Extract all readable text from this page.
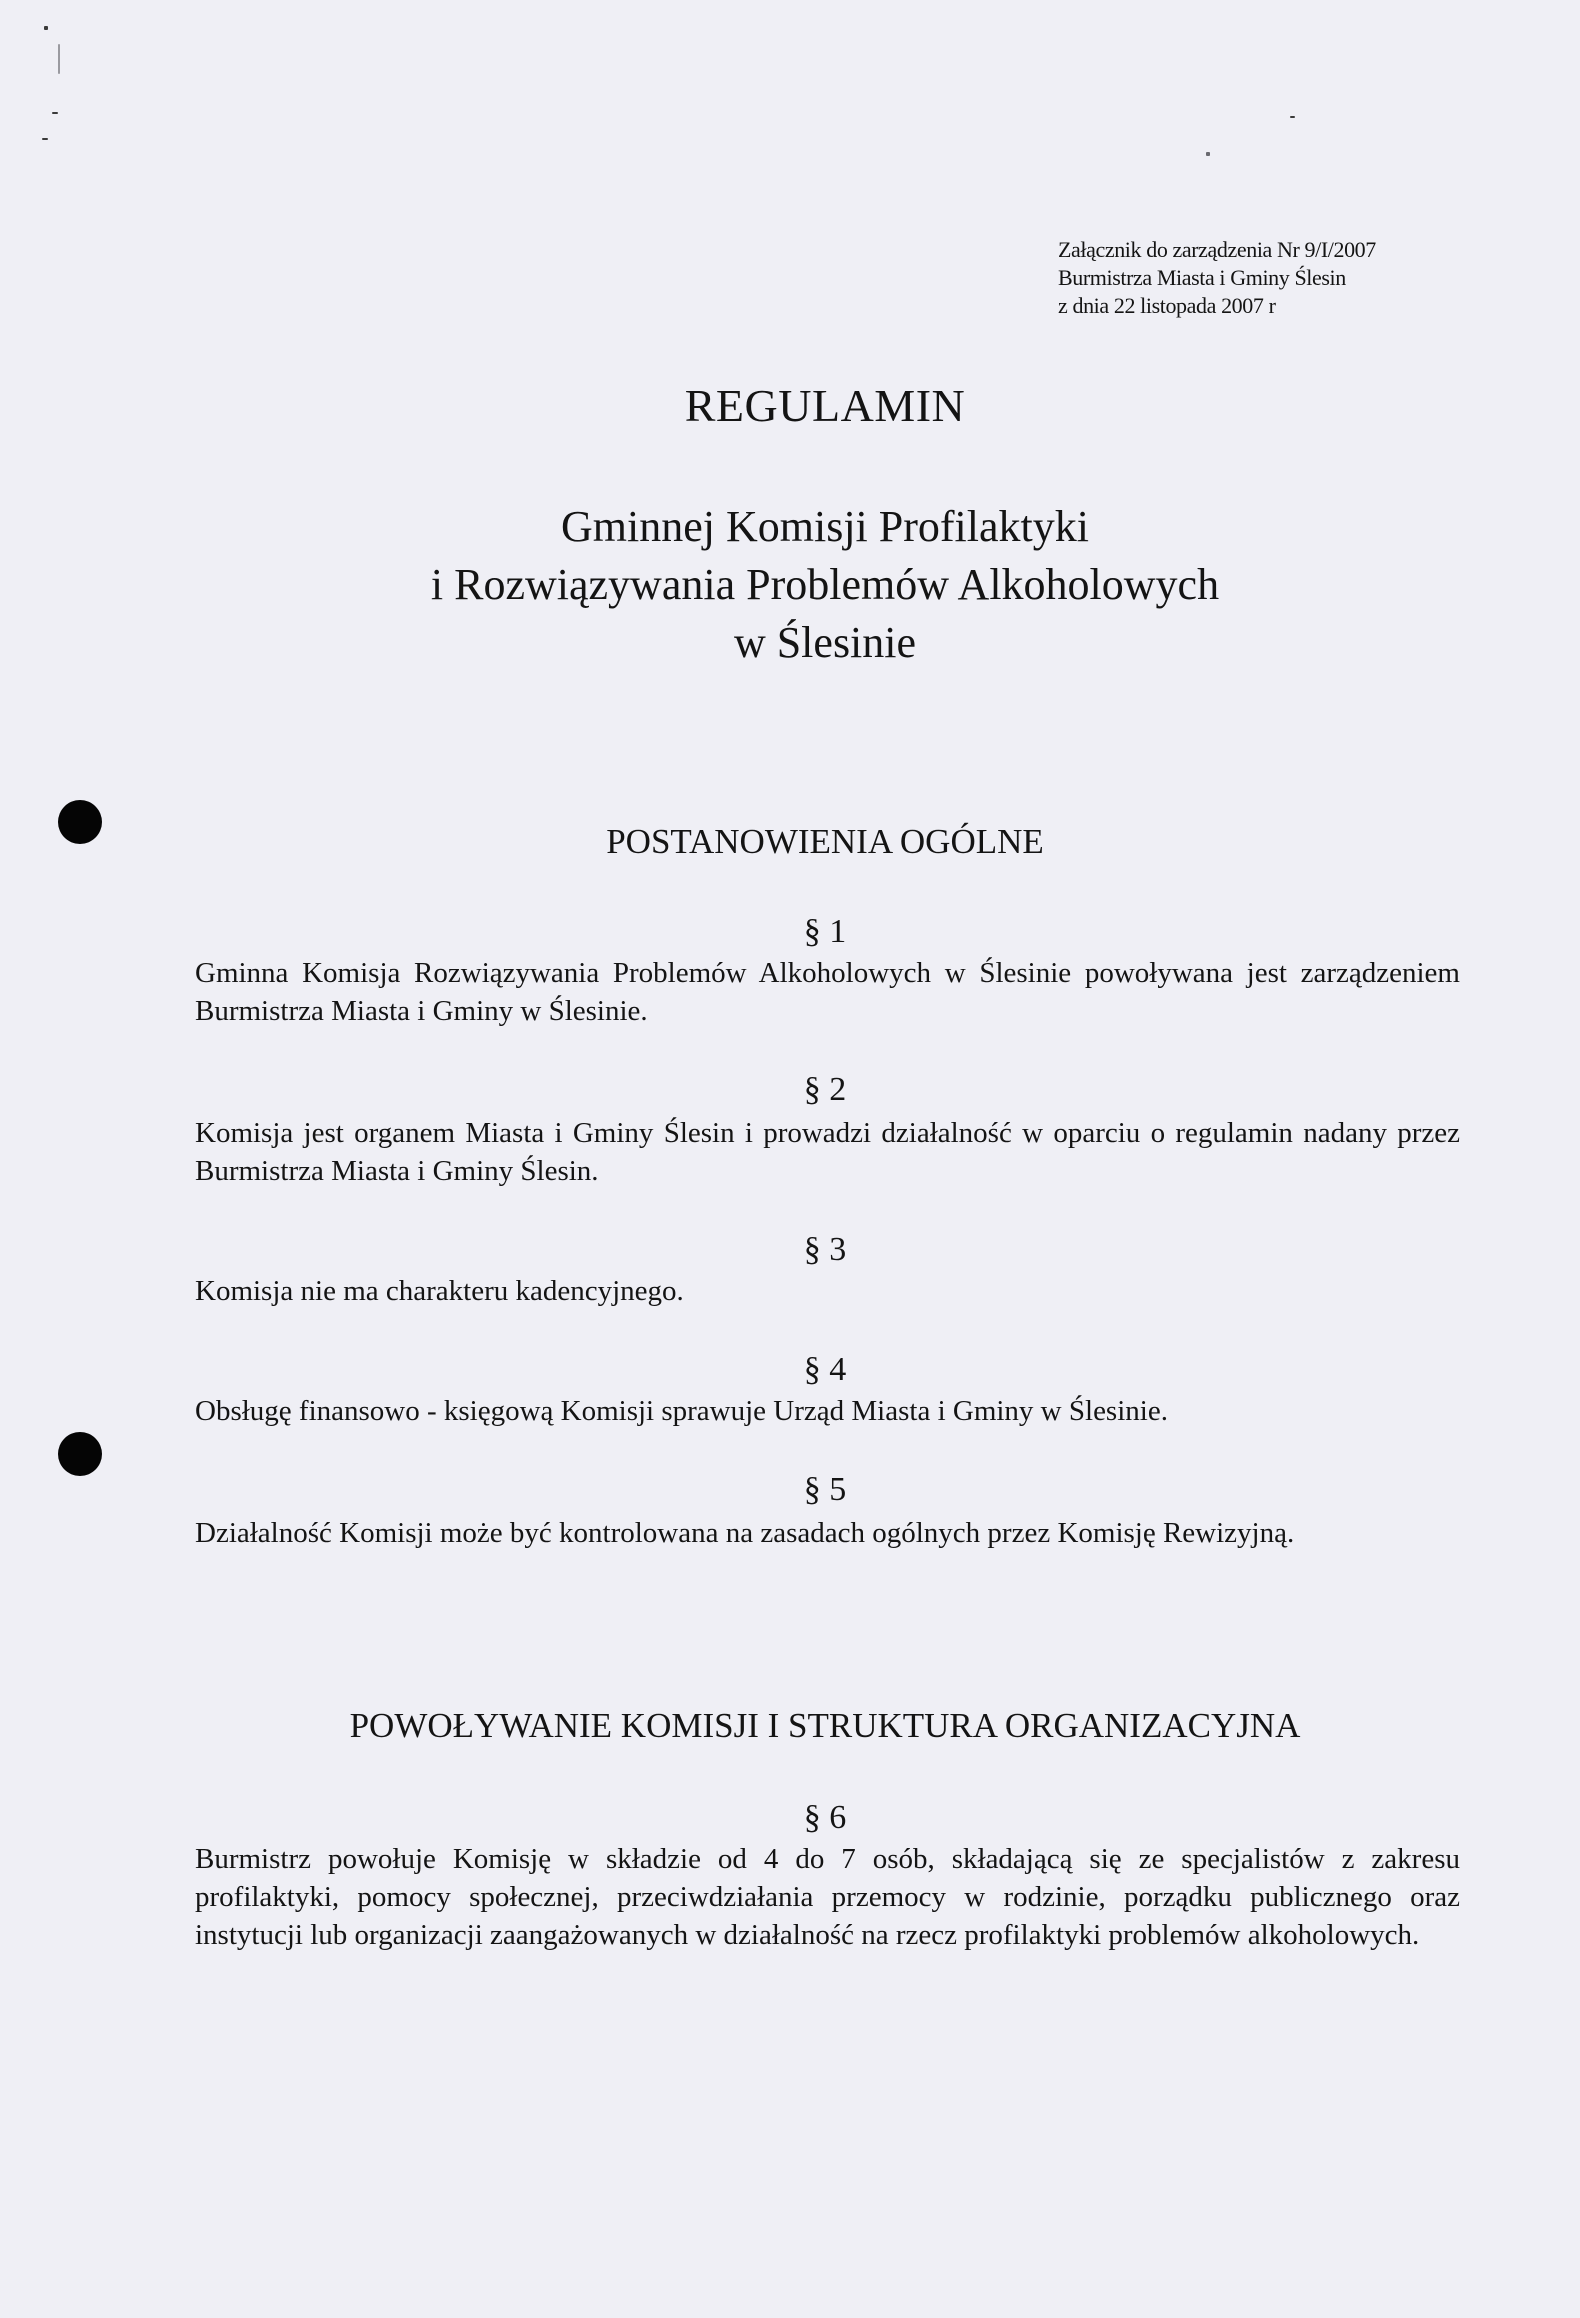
Załącznik do zarządzenia Nr 9/I/2007
Burmistrza Miasta i Gminy Ślesin
z dnia 22 listopada 2007 r
REGULAMIN
Gminnej Komisji Profilaktyki
i Rozwiązywania Problemów Alkoholowych
w Ślesinie
POSTANOWIENIA OGÓLNE
§ 1
Gminna Komisja Rozwiązywania Problemów Alkoholowych w Ślesinie powoływana jest zarządzeniem Burmistrza Miasta i Gminy w Ślesinie.
§ 2
Komisja jest organem Miasta i Gminy Ślesin i prowadzi działalność w oparciu o regulamin nadany przez Burmistrza Miasta i Gminy Ślesin.
§ 3
Komisja nie ma charakteru kadencyjnego.
§ 4
Obsługę finansowo - księgową Komisji sprawuje Urząd Miasta i Gminy w Ślesinie.
§ 5
Działalność Komisji może być kontrolowana na zasadach ogólnych przez Komisję Rewizyjną.
POWOŁYWANIE KOMISJI I STRUKTURA ORGANIZACYJNA
§ 6
Burmistrz powołuje Komisję w składzie od 4 do 7 osób, składającą się ze specjalistów z zakresu profilaktyki, pomocy społecznej, przeciwdziałania przemocy w rodzinie, porządku publicznego oraz instytucji lub organizacji zaangażowanych w działalność na rzecz profilaktyki problemów alkoholowych.
